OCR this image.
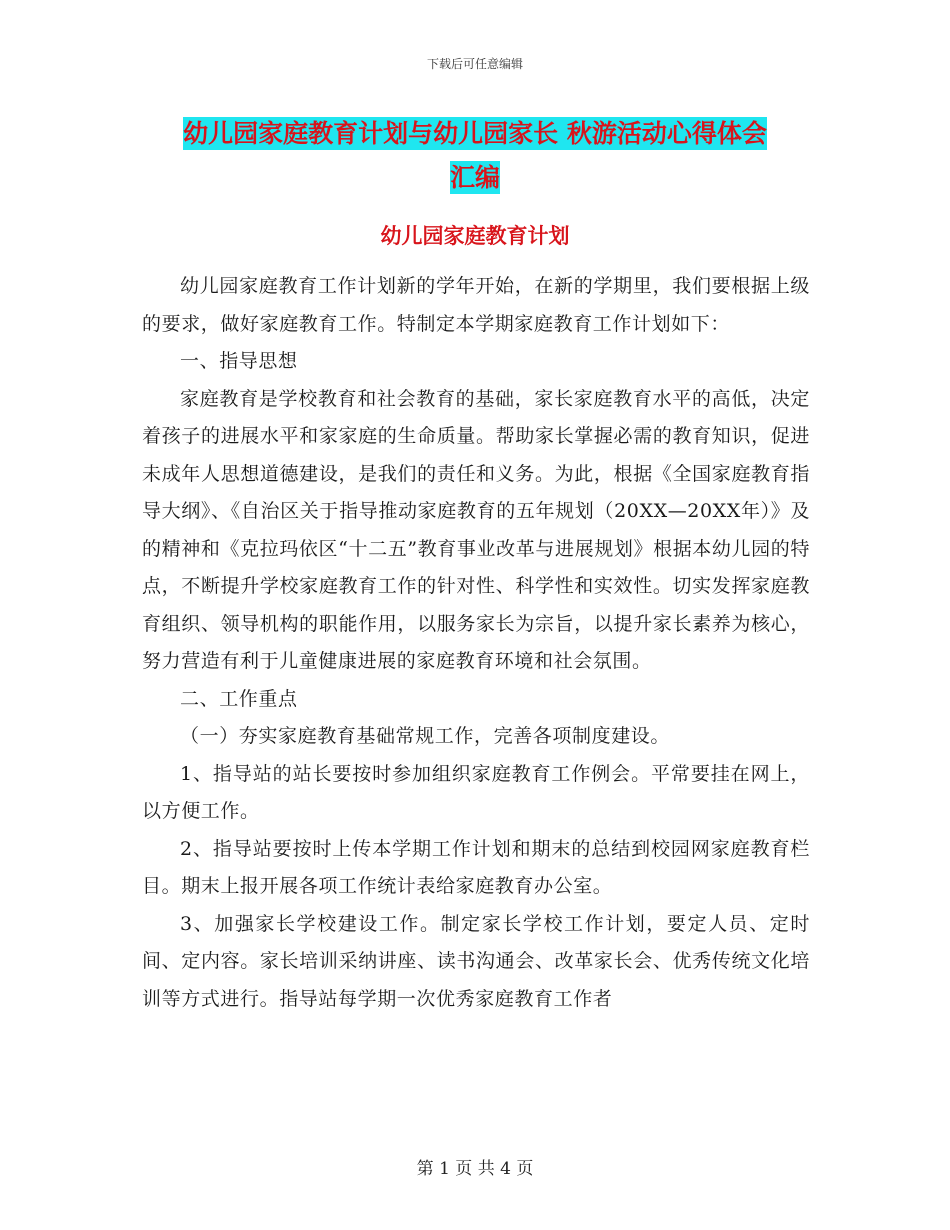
下载后可任意编辑
幼儿园家庭教育计划与幼儿园家长 秋游活动心得体会
汇编
幼儿园家庭教育计划

幼儿园家庭教育工作计划新的学年开始，在新的学期里，我们要根据上级的要求，做好家庭教育工作。特制定本学期家庭教育工作计划如下：

一、指导思想

家庭教育是学校教育和社会教育的基础，家长家庭教育水平的高低，决定着孩子的进展水平和家家庭的生命质量。帮助家长掌握必需的教育知识，促进未成年人思想道德建设，是我们的责任和义务。为此，根据《全国家庭教育指导大纲》、《自治区关于指导推动家庭教育的五年规划（20XX—20XX年）》及的精神和《克拉玛依区“十二五”教育事业改革与进展规划》根据本幼儿园的特点，不断提升学校家庭教育工作的针对性、科学性和实效性。切实发挥家庭教育组织、领导机构的职能作用，以服务家长为宗旨，以提升家长素养为核心，努力营造有利于儿童健康进展的家庭教育环境和社会氛围。

二、工作重点

（一）夯实家庭教育基础常规工作，完善各项制度建设。

1、指导站的站长要按时参加组织家庭教育工作例会。平常要挂在网上，以方便工作。

2、指导站要按时上传本学期工作计划和期末的总结到校园网家庭教育栏目。期末上报开展各项工作统计表给家庭教育办公室。

3、加强家长学校建设工作。制定家长学校工作计划，要定人员、定时间、定内容。家长培训采纳讲座、读书沟通会、改革家长会、优秀传统文化培训等方式进行。指导站每学期一次优秀家庭教育工作者

第 1 页 共 4 页
